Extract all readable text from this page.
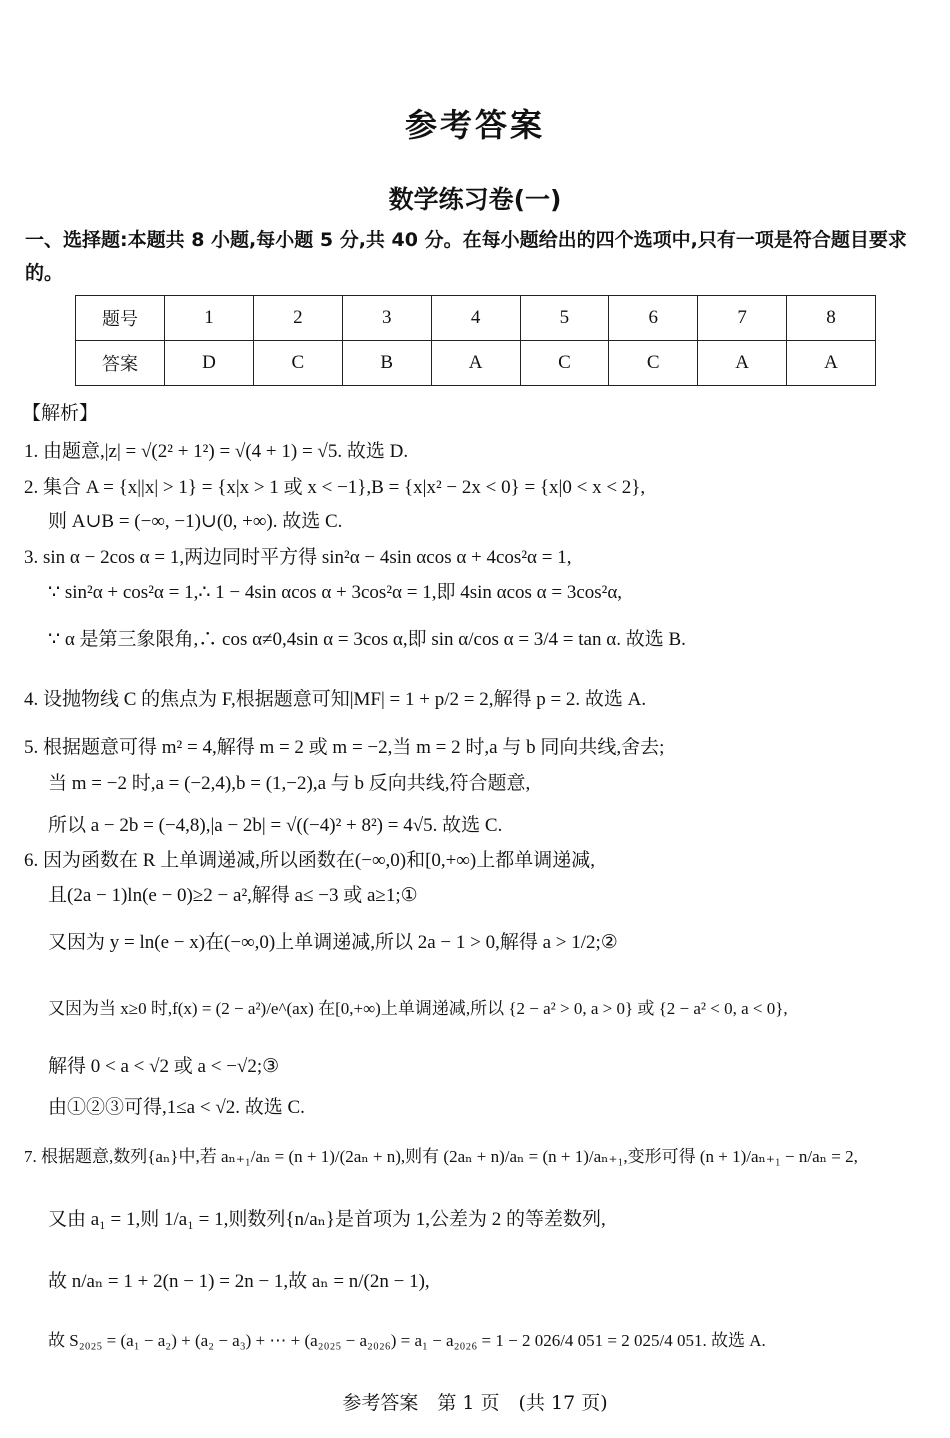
参考答案
数学练习卷(一)
一、选择题:本题共 8 小题,每小题 5 分,共 40 分。在每小题给出的四个选项中,只有一项是符合题目要求的。
题号	1	2	3	4	5	6	7	8
答案	D	C	B	A	C	C	A	A
【解析】
1. 由题意,|z| = √(2² + 1²) = √(4 + 1) = √5. 故选 D.
2. 集合 A = {x||x| > 1} = {x|x > 1 或 x < −1},B = {x|x² − 2x < 0} = {x|0 < x < 2},
则 A∪B = (−∞, −1)∪(0, +∞). 故选 C.
3. sin α − 2cos α = 1,两边同时平方得 sin²α − 4sin αcos α + 4cos²α = 1,
∵ sin²α + cos²α = 1,∴ 1 − 4sin αcos α + 3cos²α = 1,即 4sin αcos α = 3cos²α,
∵ α 是第三象限角,∴ cos α≠0,4sin α = 3cos α,即 sin α/cos α = 3/4 = tan α. 故选 B.
4. 设抛物线 C 的焦点为 F,根据题意可知|MF| = 1 + p/2 = 2,解得 p = 2. 故选 A.
5. 根据题意可得 m² = 4,解得 m = 2 或 m = −2,当 m = 2 时,a 与 b 同向共线,舍去;
当 m = −2 时,a = (−2,4),b = (1,−2),a 与 b 反向共线,符合题意,
所以 a − 2b = (−4,8),|a − 2b| = √((−4)² + 8²) = 4√5. 故选 C.
6. 因为函数在 R 上单调递减,所以函数在(−∞,0)和[0,+∞)上都单调递减,
且(2a − 1)ln(e − 0)≥2 − a²,解得 a≤ −3 或 a≥1;①
又因为 y = ln(e − x)在(−∞,0)上单调递减,所以 2a − 1 > 0,解得 a > 1/2;②
又因为当 x≥0 时,f(x) = (2 − a²)/e^(ax) 在[0,+∞)上单调递减,所以 {2 − a² > 0, a > 0} 或 {2 − a² < 0, a < 0},
解得 0 < a < √2 或 a < −√2;③
由①②③可得,1≤a < √2. 故选 C.
7. 根据题意,数列{aₙ}中,若 aₙ₊₁/aₙ = (n + 1)/(2aₙ + n),则有 (2aₙ + n)/aₙ = (n + 1)/aₙ₊₁,变形可得 (n + 1)/aₙ₊₁ − n/aₙ = 2,
又由 a₁ = 1,则 1/a₁ = 1,则数列{n/aₙ}是首项为 1,公差为 2 的等差数列,
故 n/aₙ = 1 + 2(n − 1) = 2n − 1,故 aₙ = n/(2n − 1),
故 S₂₀₂₅ = (a₁ − a₂) + (a₂ − a₃) + ⋯ + (a₂₀₂₅ − a₂₀₂₆) = a₁ − a₂₀₂₆ = 1 − 2 026/4 051 = 2 025/4 051. 故选 A.
参考答案　第 1 页　(共 17 页)
